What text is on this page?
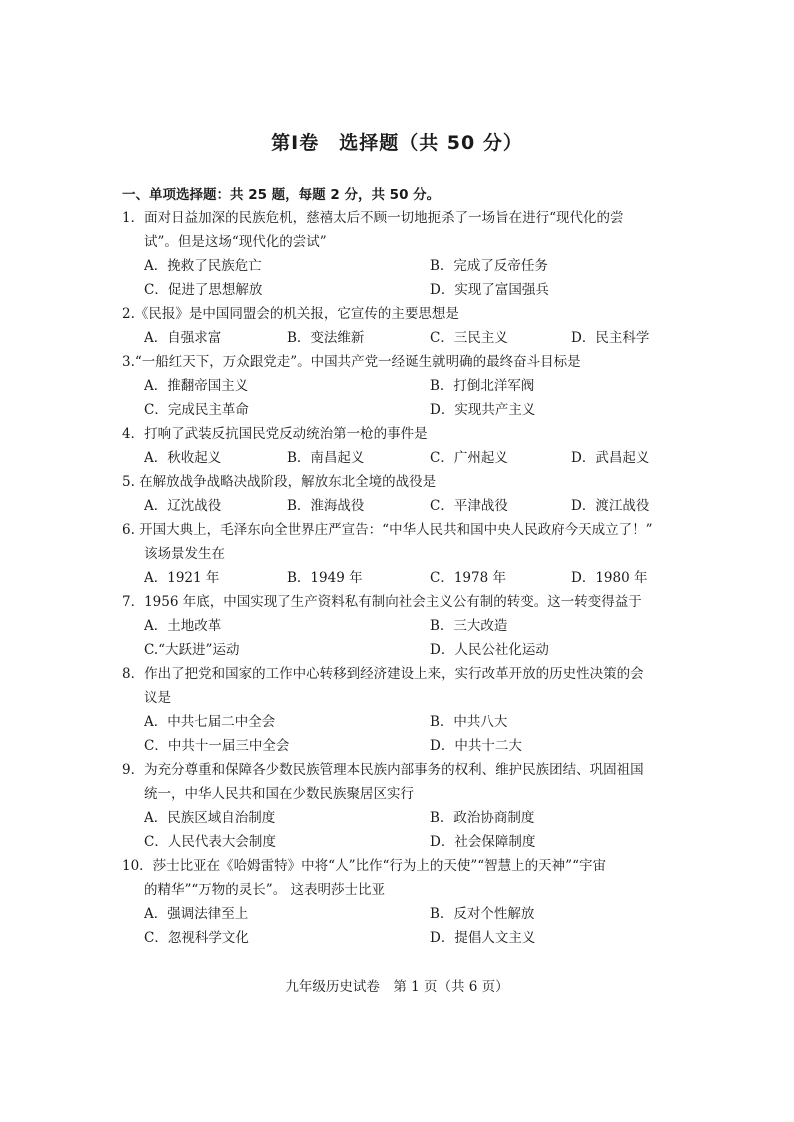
第Ⅰ卷　选择题（共 50 分）
一、单项选择题：共 25 题，每题 2 分，共 50 分。
1．面对日益加深的民族危机，慈禧太后不顾一切地扼杀了一场旨在进行“现代化的尝
试”。但是这场“现代化的尝试”
A．挽救了民族危亡	B．完成了反帝任务
C．促进了思想解放	D．实现了富国强兵
2.《民报》是中国同盟会的机关报，它宣传的主要思想是
A．自强求富	B．变法维新	C．三民主义	D．民主科学
3.“一船红天下，万众跟党走”。中国共产党一经诞生就明确的最终奋斗目标是
A．推翻帝国主义	B．打倒北洋军阀
C．完成民主革命	D．实现共产主义
4．打响了武装反抗国民党反动统治第一枪的事件是
A．秋收起义	B．南昌起义	C．广州起义	D．武昌起义
5. 在解放战争战略决战阶段，解放东北全境的战役是
A．辽沈战役	B．淮海战役	C．平津战役	D．渡江战役
6. 开国大典上，毛泽东向全世界庄严宣告：“中华人民共和国中央人民政府今天成立了！”
该场景发生在
A．1921 年	B．1949 年	C．1978 年	D．1980 年
7．1956 年底，中国实现了生产资料私有制向社会主义公有制的转变。这一转变得益于
A．土地改革	B．三大改造
C.“大跃进”运动	D．人民公社化运动
8．作出了把党和国家的工作中心转移到经济建设上来，实行改革开放的历史性决策的会
议是
A．中共七届二中全会	B．中共八大
C．中共十一届三中全会	D．中共十二大
9．为充分尊重和保障各少数民族管理本民族内部事务的权利、维护民族团结、巩固祖国
统一，中华人民共和国在少数民族聚居区实行
A．民族区域自治制度	B．政治协商制度
C．人民代表大会制度	D．社会保障制度
10．莎士比亚在《哈姆雷特》中将“人”比作“行为上的天使”“智慧上的天神”“宇宙
的精华”“万物的灵长”。 这表明莎士比亚
A．强调法律至上	B．反对个性解放
C．忽视科学文化	D．提倡人文主义
九年级历史试卷　第 1 页（共 6 页）
